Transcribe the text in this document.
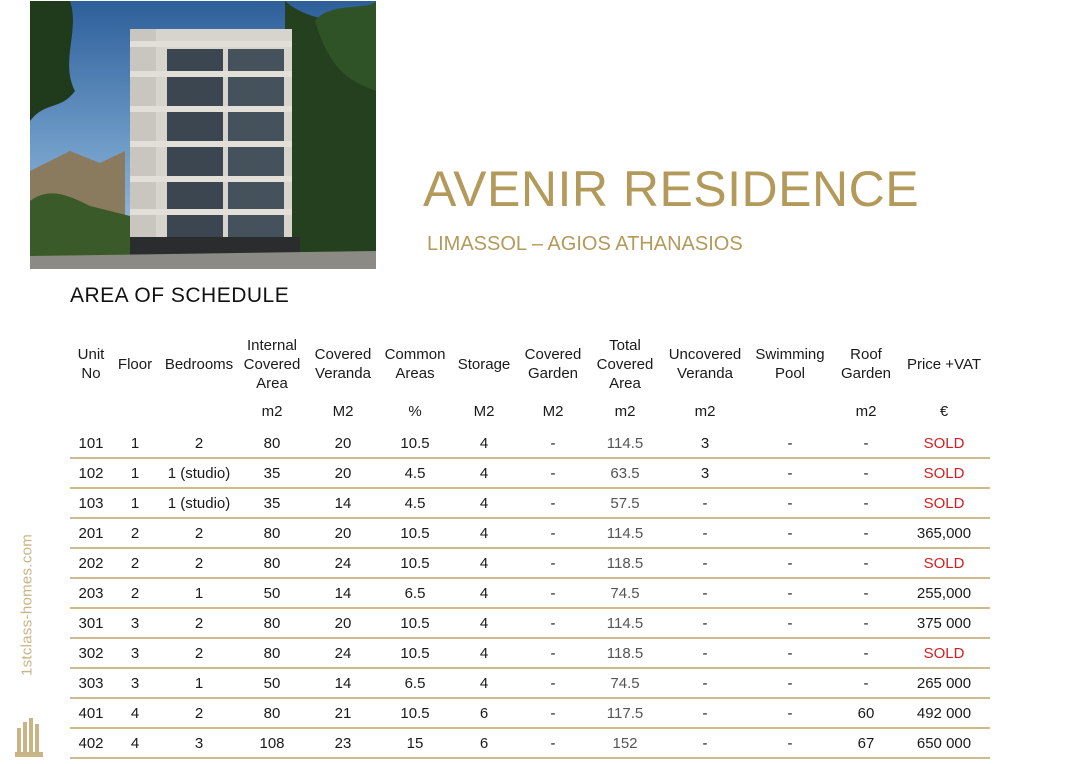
AVENIR RESIDENCE
LIMASSOL – AGIOS ATHANASIOS
AREA OF SCHEDULE
1stclass-homes.com
Unit No	Floor	Bedrooms	Internal Covered Area	Covered Veranda	Common Areas	Storage	Covered Garden	Total Covered Area	Uncovered Veranda	Swimming Pool	Roof Garden	Price +VAT
			m2	M2	%	M2	M2	m2	m2		m2	€
101	1	2	80	20	10.5	4	-	114.5	3	-	-	SOLD
102	1	1 (studio)	35	20	4.5	4	-	63.5	3	-	-	SOLD
103	1	1 (studio)	35	14	4.5	4	-	57.5	-	-	-	SOLD
201	2	2	80	20	10.5	4	-	114.5	-	-	-	365,000
202	2	2	80	24	10.5	4	-	118.5	-	-	-	SOLD
203	2	1	50	14	6.5	4	-	74.5	-	-	-	255,000
301	3	2	80	20	10.5	4	-	114.5	-	-	-	375 000
302	3	2	80	24	10.5	4	-	118.5	-	-	-	SOLD
303	3	1	50	14	6.5	4	-	74.5	-	-	-	265 000
401	4	2	80	21	10.5	6	-	117.5	-	-	60	492 000
402	4	3	108	23	15	6	-	152	-	-	67	650 000
